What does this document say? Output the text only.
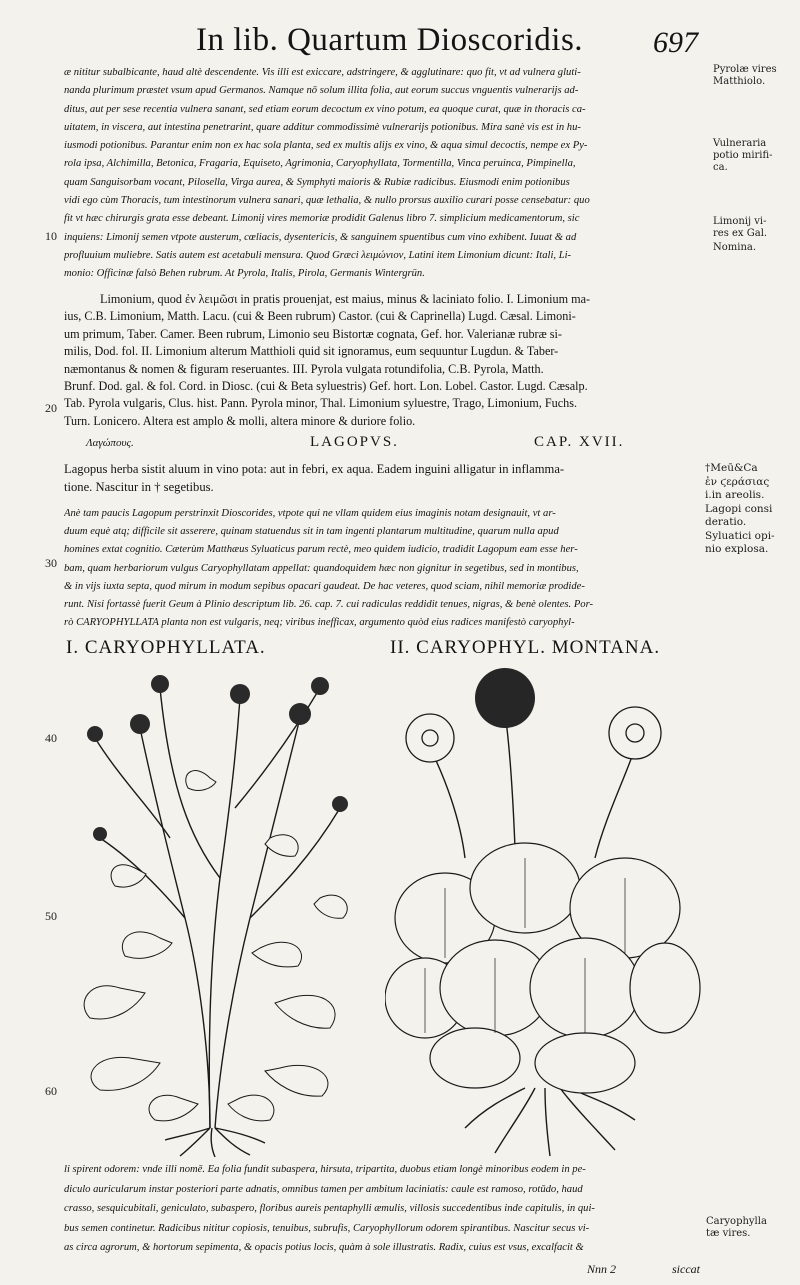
In lib. Quartum Dioscoridis. 697
Pyrolæ vires
Matthiolo.
Vulneraria
potio mirifi-
ca.
Limonij vi-
res ex Gal.
Nomina.
†Meū&Ca
ἐν ϛεράσιας
i.in areolis.
Lagopi consi
deratio.
Syluatici opi-
nio explosa.
Caryophylla
tæ vires.
10
20
30
40
50
60
æ nititur subalbicante, haud altè descendente. Vis illi est exiccare, adstringere, & agglutinare: quo fit, vt ad vulnera gluti-
nanda plurimum præstet vsum apud Germanos. Namque nō solum illita folia, aut eorum succus vnguentis vulnerarijs ad-
ditus, aut per sese recentia vulnera sanant, sed etiam eorum decoctum ex vino potum, ea quoque curat, quæ in thoracis ca-
uitatem, in viscera, aut intestina penetrarint, quare additur commodissimè vulnerarijs potionibus. Mira sanè vis est in hu-
iusmodi potionibus. Parantur enim non ex hac sola planta, sed ex multis alijs ex vino, & aqua simul decoctis, nempe ex Py-
rola ipsa, Alchimilla, Betonica, Fragaria, Equiseto, Agrimonia, Caryophyllata, Tormentilla, Vinca peruinca, Pimpinella,
quam Sanguisorbam vocant, Pilosella, Virga aurea, & Symphyti maioris & Rubiæ radicibus. Eiusmodi enim potionibus
vidi ego cùm Thoracis, tum intestinorum vulnera sanari, quæ lethalia, & nullo prorsus auxilio curari posse censebatur: quo
fit vt hæc chirurgis grata esse debeant. Limonij vires memoriæ prodidit Galenus libro 7. simplicium medicamentorum, sic
inquiens: Limonij semen vtpote austerum, cœliacis, dysentericis, & sanguinem spuentibus cum vino exhibent. Iuuat & ad
profluuium muliebre. Satis autem est acetabuli mensura. Quod Græci λειμώνιον, Latini item Limonium dicunt: Itali, Li-
monio: Officinæ falsò Behen rubrum. At Pyrola, Italis, Pirola, Germanis Wintergrün.
Limonium, quod ἐν λειμῶσι in pratis prouenjat, est maius, minus & laciniato folio. I. Limonium ma-
ius, C.B. Limonium, Matth. Lacu. (cui & Been rubrum) Castor. (cui & Caprinella) Lugd. Cæsal. Limoni-
um primum, Taber. Camer. Been rubrum, Limonio seu Bistortæ cognata, Gef. hor. Valerianæ rubræ si-
milis, Dod. fol. II. Limonium alterum Matthioli quid sit ignoramus, eum sequuntur Lugdun. & Taber-
næmontanus & nomen & figuram reseruantes. III. Pyrola vulgata rotundifolia, C.B. Pyrola, Matth.
Brunf. Dod. gal. & fol. Cord. in Diosc. (cui & Beta syluestris) Gef. hort. Lon. Lobel. Castor. Lugd. Cæsalp.
Tab. Pyrola vulgaris, Clus. hist. Pann. Pyrola minor, Thal. Limonium syluestre, Trago, Limonium, Fuchs.
Turn. Lonicero. Altera est amplo & molli, altera minore & duriore folio.
Λαγώπους.	LAGOPVS.	CAP. XVII.
Lagopus herba sistit aluum in vino pota: aut in febri, ex aqua. Eadem inguini alligatur in inflamma-
tione. Nascitur in † segetibus.
Anè tam paucis Lagopum perstrinxit Dioscorides, vtpote qui ne vllam quidem eius imaginis notam designauit, vt ar-
duum equè atq; difficile sit asserere, quinam statuendus sit in tam ingenti plantarum multitudine, quarum nulla apud
homines extat cognitio. Cæterùm Matthæus Syluaticus parum rectè, meo quidem iudicio, tradidit Lagopum eam esse her-
bam, quam herbariorum vulgus Caryophyllatam appellat: quandoquidem hæc non gignitur in segetibus, sed in montibus,
& in vijs iuxta septa, quod mirum in modum sepibus opacari gaudeat. De hac veteres, quod sciam, nihil memoriæ prodide-
runt. Nisi fortassè fuerit Geum à Plinio descriptum lib. 26. cap. 7. cui radiculas reddidit tenues, nigras, & benè olentes. Por-
rò CARYOPHYLLATA planta non est vulgaris, neq; viribus inefficax, argumento quòd eius radices manifestò caryophyl-
I. CARYOPHYLLATA.	II. CARYOPHYL. MONTANA.
li spirent odorem: vnde illi nomē. Ea folia fundit subaspera, hirsuta, tripartita, duobus etiam longè minoribus eodem in pe-
diculo auricularum instar posteriori parte adnatis, omnibus tamen per ambitum laciniatis: caule est ramoso, rotūdo, haud
crasso, sesquicubitali, geniculato, subaspero, floribus aureis pentaphylli æmulis, villosis succedentibus inde capitulis, in qui-
bus semen continetur. Radicibus nititur copiosis, tenuibus, subrufis, Caryophyllorum odorem spirantibus. Nascitur secus vi-
as circa agrorum, & hortorum sepimenta, & opacis potius locis, quàm à sole illustratis. Radix, cuius est vsus, excalfacit &
Nnn 2	siccat
